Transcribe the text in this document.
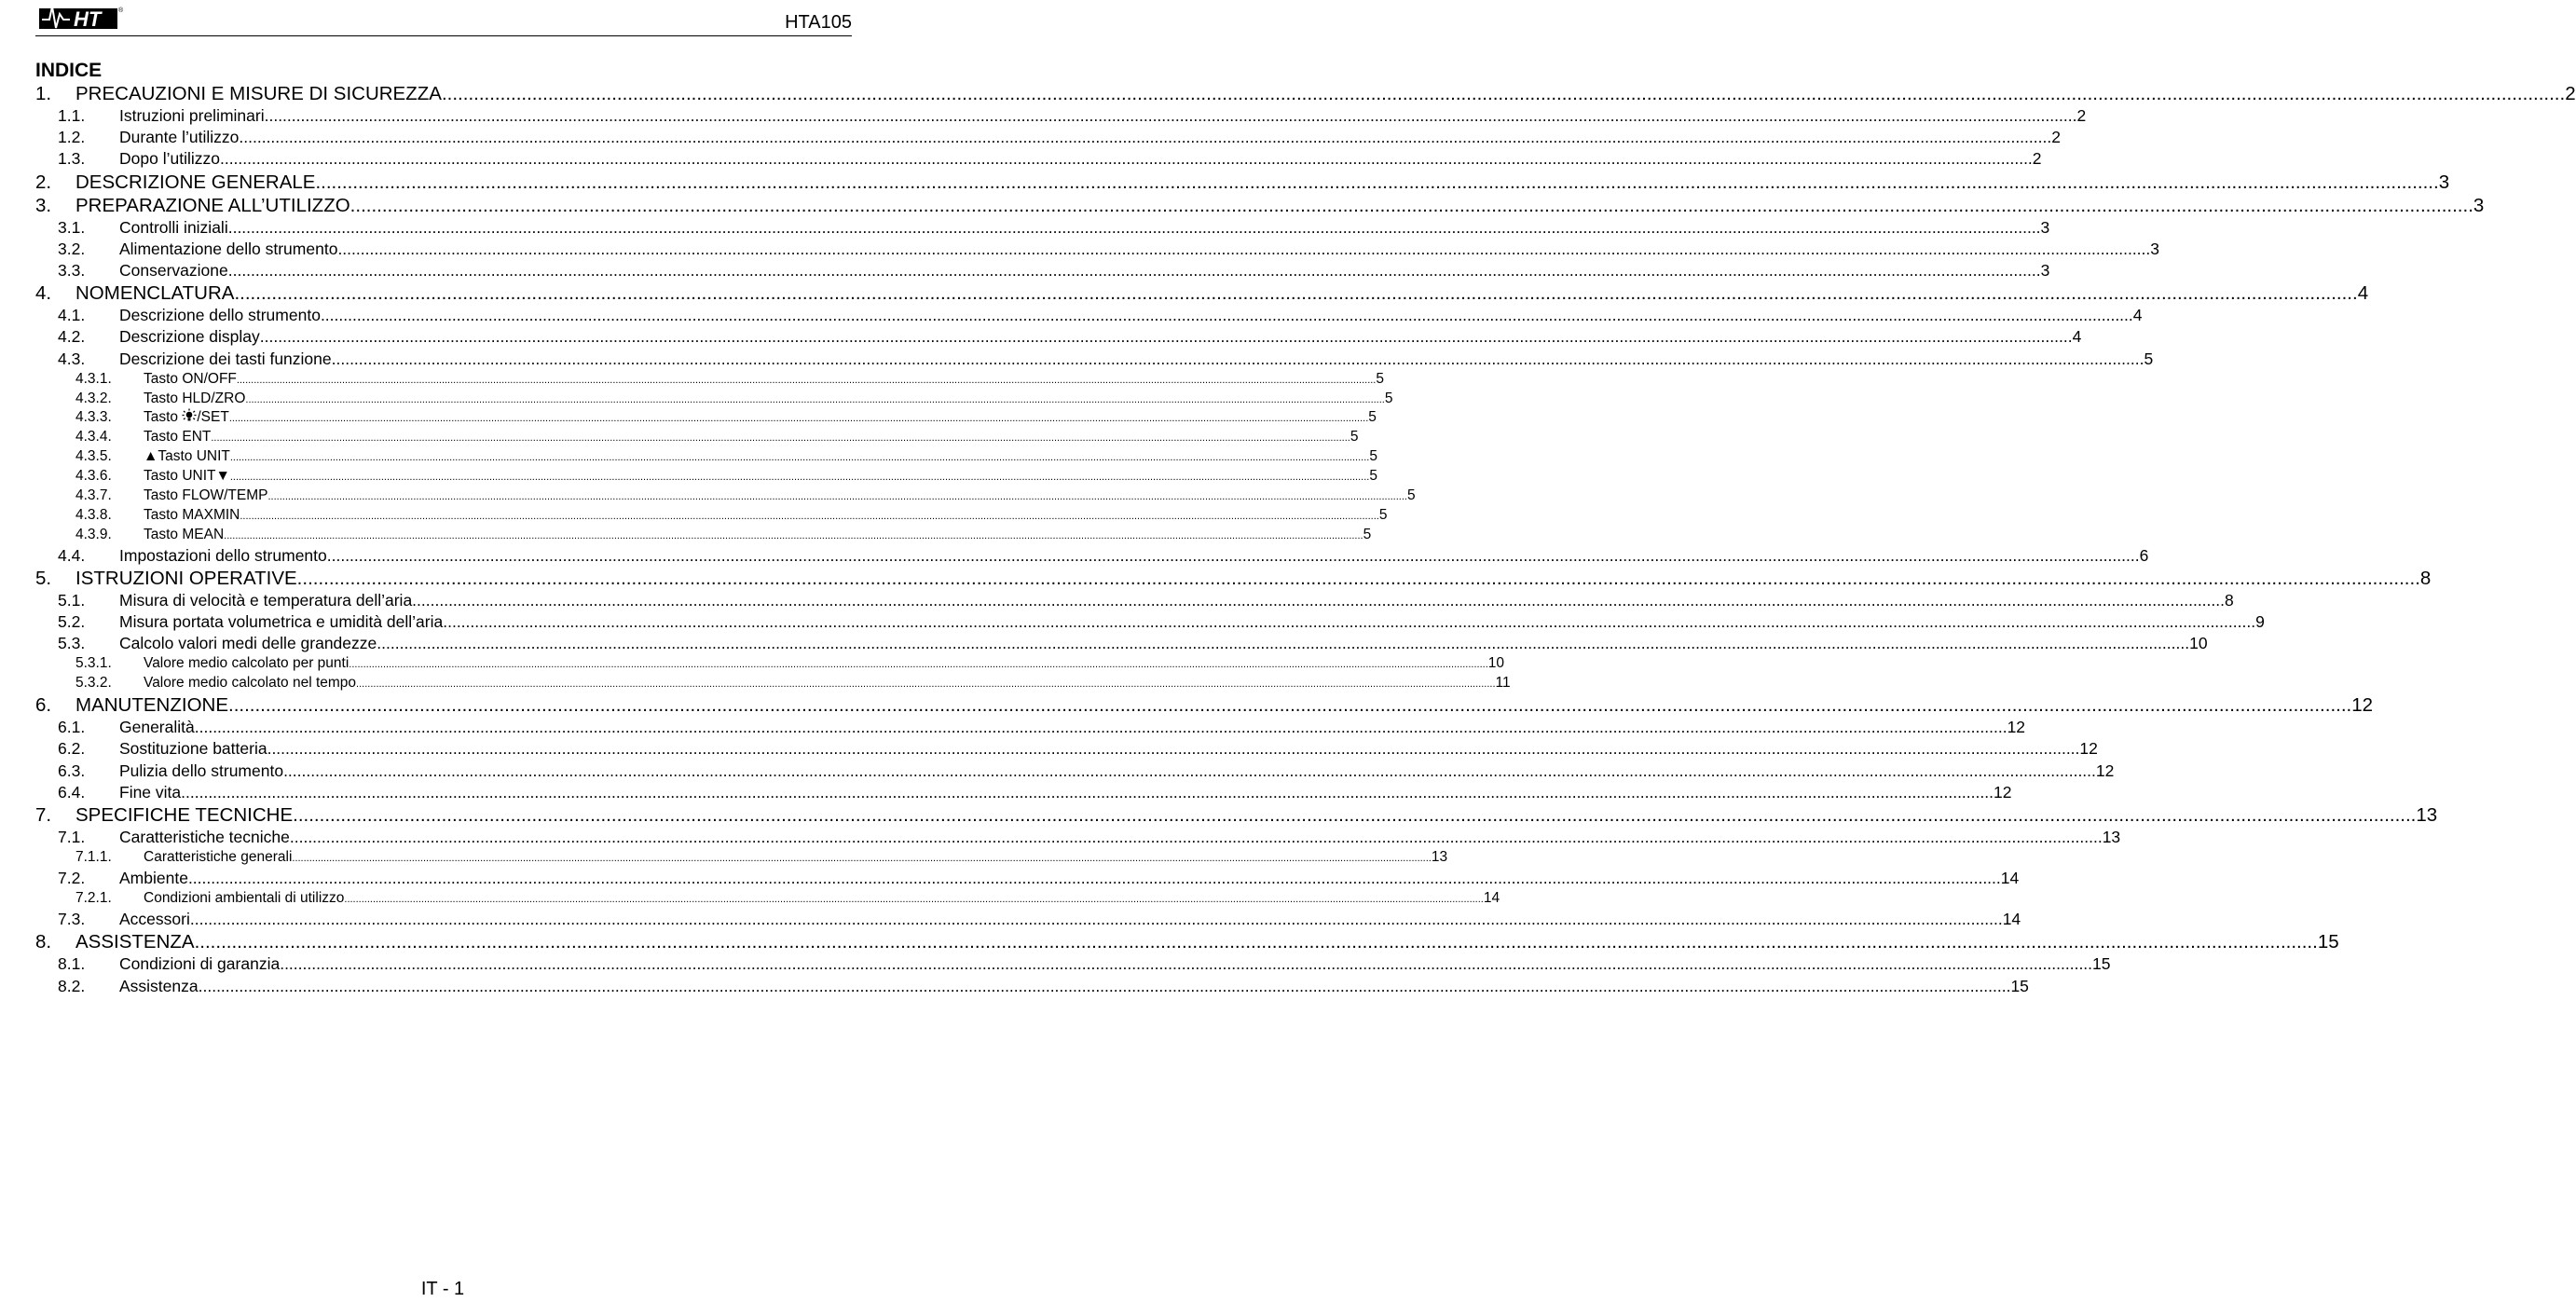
HT	®
HTA105
INDICE
1.	PRECAUZIONI E MISURE DI SICUREZZA ................................................................................................................................................................................................................................................................................................................................................................................................................ 2
1.1.	Istruzioni preliminari ................................................................................................................................................................................................................................................................................................................................................................................................................ 2
1.2.	Durante l’utilizzo ................................................................................................................................................................................................................................................................................................................................................................................................................ 2
1.3.	Dopo l’utilizzo ................................................................................................................................................................................................................................................................................................................................................................................................................ 2
2.	DESCRIZIONE GENERALE ................................................................................................................................................................................................................................................................................................................................................................................................................ 3
3.	PREPARAZIONE ALL’UTILIZZO ................................................................................................................................................................................................................................................................................................................................................................................................................ 3
3.1.	Controlli iniziali ................................................................................................................................................................................................................................................................................................................................................................................................................ 3
3.2.	Alimentazione dello strumento ................................................................................................................................................................................................................................................................................................................................................................................................................ 3
3.3.	Conservazione ................................................................................................................................................................................................................................................................................................................................................................................................................ 3
4.	NOMENCLATURA ................................................................................................................................................................................................................................................................................................................................................................................................................ 4
4.1.	Descrizione dello strumento ................................................................................................................................................................................................................................................................................................................................................................................................................ 4
4.2.	Descrizione display ................................................................................................................................................................................................................................................................................................................................................................................................................ 4
4.3.	Descrizione dei tasti funzione ................................................................................................................................................................................................................................................................................................................................................................................................................ 5
4.3.1.	Tasto ON/OFF ................................................................................................................................................................................................................................................................................................................................................................................................................ 5
4.3.2.	Tasto HLD/ZRO ................................................................................................................................................................................................................................................................................................................................................................................................................ 5
4.3.3.	Tasto /SET ................................................................................................................................................................................................................................................................................................................................................................................................................ 5
4.3.4.	Tasto ENT ................................................................................................................................................................................................................................................................................................................................................................................................................ 5
4.3.5.	▲ Tasto UNIT ................................................................................................................................................................................................................................................................................................................................................................................................................ 5
4.3.6.	Tasto UNIT ▼	................................................................................................................................................................................................................................................................................................................................................................................................................ 5
4.3.7.	Tasto FLOW/TEMP ................................................................................................................................................................................................................................................................................................................................................................................................................ 5
4.3.8.	Tasto MAXMIN ................................................................................................................................................................................................................................................................................................................................................................................................................ 5
4.3.9.	Tasto MEAN ................................................................................................................................................................................................................................................................................................................................................................................................................ 5
4.4.	Impostazioni dello strumento ................................................................................................................................................................................................................................................................................................................................................................................................................ 6
5.	ISTRUZIONI OPERATIVE ................................................................................................................................................................................................................................................................................................................................................................................................................ 8
5.1.	Misura di velocità e temperatura dell’aria ................................................................................................................................................................................................................................................................................................................................................................................................................ 8
5.2.	Misura portata volumetrica e umidità dell’aria ................................................................................................................................................................................................................................................................................................................................................................................................................ 9
5.3.	Calcolo valori medi delle grandezze ................................................................................................................................................................................................................................................................................................................................................................................................................ 10
5.3.1.	Valore medio calcolato per punti ................................................................................................................................................................................................................................................................................................................................................................................................................ 10
5.3.2.	Valore medio calcolato nel tempo ................................................................................................................................................................................................................................................................................................................................................................................................................ 11
6.	MANUTENZIONE ................................................................................................................................................................................................................................................................................................................................................................................................................ 12
6.1.	Generalità ................................................................................................................................................................................................................................................................................................................................................................................................................ 12
6.2.	Sostituzione batteria ................................................................................................................................................................................................................................................................................................................................................................................................................ 12
6.3.	Pulizia dello strumento ................................................................................................................................................................................................................................................................................................................................................................................................................ 12
6.4.	Fine vita ................................................................................................................................................................................................................................................................................................................................................................................................................ 12
7.	SPECIFICHE TECNICHE ................................................................................................................................................................................................................................................................................................................................................................................................................ 13
7.1.	Caratteristiche tecniche ................................................................................................................................................................................................................................................................................................................................................................................................................ 13
7.1.1.	Caratteristiche generali ................................................................................................................................................................................................................................................................................................................................................................................................................ 13
7.2.	Ambiente ................................................................................................................................................................................................................................................................................................................................................................................................................ 14
7.2.1.	Condizioni ambientali di utilizzo ................................................................................................................................................................................................................................................................................................................................................................................................................ 14
7.3.	Accessori ................................................................................................................................................................................................................................................................................................................................................................................................................ 14
8.	ASSISTENZA ................................................................................................................................................................................................................................................................................................................................................................................................................ 15
8.1.	Condizioni di garanzia ................................................................................................................................................................................................................................................................................................................................................................................................................ 15
8.2.	Assistenza ................................................................................................................................................................................................................................................................................................................................................................................................................ 15
IT - 1
